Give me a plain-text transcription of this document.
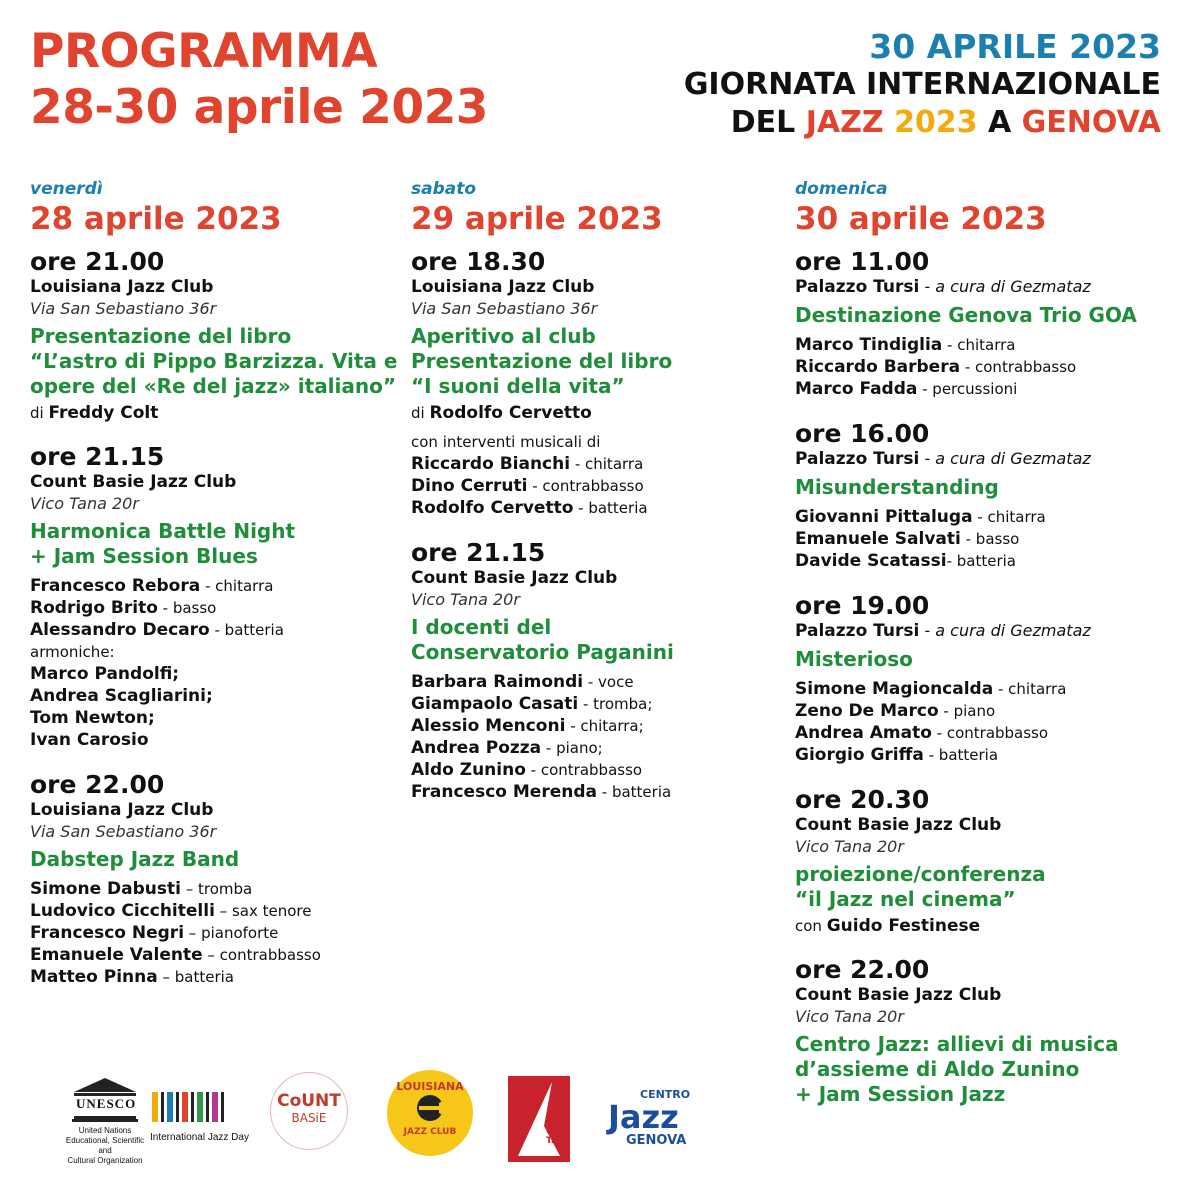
PROGRAMMA
28-30 aprile 2023
30 APRILE 2023
GIORNATA INTERNAZIONALE
DEL JAZZ 2023 A GENOVA
venerdì
28 aprile 2023
ore 21.00
Louisiana Jazz Club
Via San Sebastiano 36r
Presentazione del libro
“L’astro di Pippo Barzizza. Vita e
opere del «Re del jazz» italiano”
di Freddy Colt
ore 21.15
Count Basie Jazz Club
Vico Tana 20r
Harmonica Battle Night
+ Jam Session Blues
Francesco Rebora - chitarra
Rodrigo Brito - basso
Alessandro Decaro - batteria
armoniche:
Marco Pandolfi;
Andrea Scagliarini;
Tom Newton;
Ivan Carosio
ore 22.00
Louisiana Jazz Club
Via San Sebastiano 36r
Dabstep Jazz Band
Simone Dabusti – tromba
Ludovico Cicchitelli – sax tenore
Francesco Negri – pianoforte
Emanuele Valente – contrabbasso
Matteo Pinna – batteria
sabato
29 aprile 2023
ore 18.30
Louisiana Jazz Club
Via San Sebastiano 36r
Aperitivo al club
Presentazione del libro
“I suoni della vita”
di Rodolfo Cervetto
con interventi musicali di
Riccardo Bianchi - chitarra
Dino Cerruti - contrabbasso
Rodolfo Cervetto - batteria
ore 21.15
Count Basie Jazz Club
Vico Tana 20r
I docenti del
Conservatorio Paganini
Barbara Raimondi - voce
Giampaolo Casati - tromba;
Alessio Menconi - chitarra;
Andrea Pozza - piano;
Aldo Zunino - contrabbasso
Francesco Merenda - batteria
domenica
30 aprile 2023
ore 11.00
Palazzo Tursi - a cura di Gezmataz
Destinazione Genova Trio GOA
Marco Tindiglia - chitarra
Riccardo Barbera - contrabbasso
Marco Fadda - percussioni
ore 16.00
Palazzo Tursi - a cura di Gezmataz
Misunderstanding
Giovanni Pittaluga - chitarra
Emanuele Salvati - basso
Davide Scatassi- batteria
ore 19.00
Palazzo Tursi - a cura di Gezmataz
Misterioso
Simone Magioncalda - chitarra
Zeno De Marco - piano
Andrea Amato - contrabbasso
Giorgio Griffa - batteria
ore 20.30
Count Basie Jazz Club
Vico Tana 20r
proiezione/conferenza
“il Jazz nel cinema”
con Guido Festinese
ore 22.00
Count Basie Jazz Club
Vico Tana 20r
Centro Jazz: allievi di musica
d’assieme di Aldo Zunino
+ Jam Session Jazz
UNESCO
United Nations
Educational, Scientific and
Cultural Organization
International Jazz Day
CoUNT
BASiE
LOUISIANA
JAZZ CLUB
GEZ
MA
TAZ
CENTRO
Jazz
GENOVA
